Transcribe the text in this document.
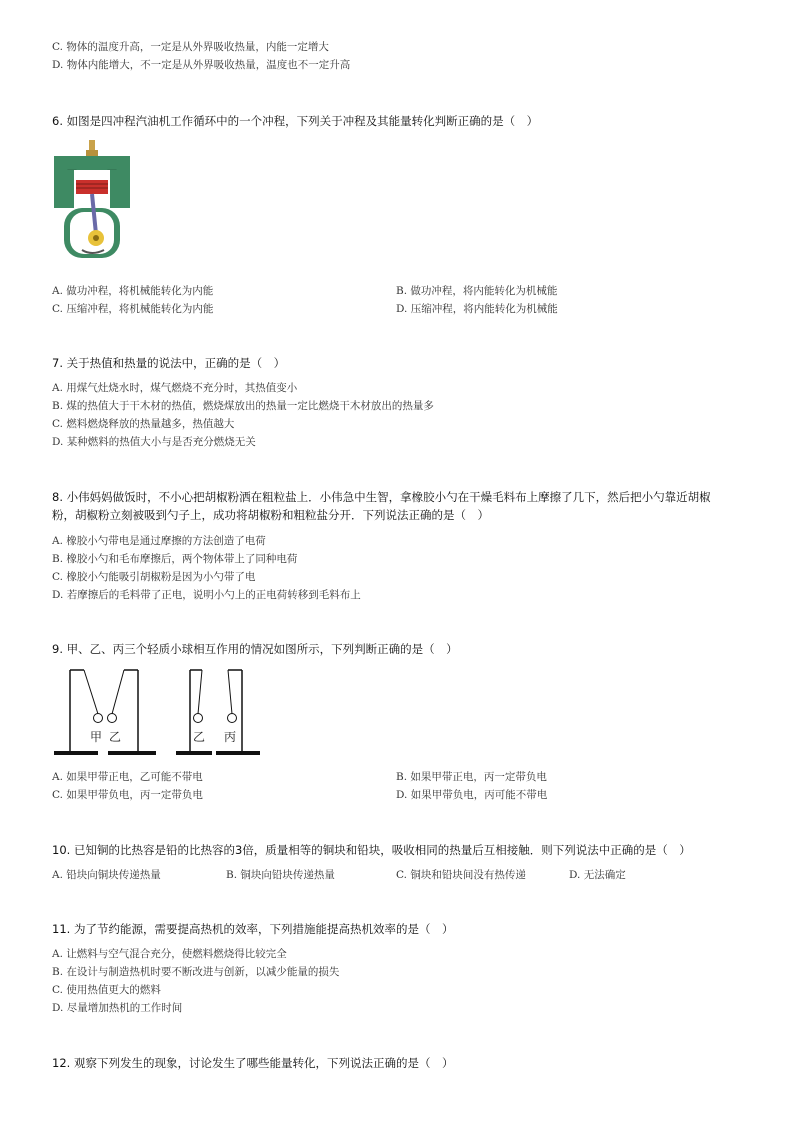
C. 物体的温度升高，一定是从外界吸收热量，内能一定增大
D. 物体内能增大，不一定是从外界吸收热量，温度也不一定升高
6. 如图是四冲程汽油机工作循环中的一个冲程，下列关于冲程及其能量转化判断正确的是（　）
A. 做功冲程，将机械能转化为内能	B. 做功冲程，将内能转化为机械能
C. 压缩冲程，将机械能转化为内能	D. 压缩冲程，将内能转化为机械能
7. 关于热值和热量的说法中，正确的是（　）
A. 用煤气灶烧水时，煤气燃烧不充分时，其热值变小
B. 煤的热值大于干木材的热值，燃烧煤放出的热量一定比燃烧干木材放出的热量多
C. 燃料燃烧释放的热量越多，热值越大
D. 某种燃料的热值大小与是否充分燃烧无关
8. 小伟妈妈做饭时，不小心把胡椒粉洒在粗粒盐上．小伟急中生智，拿橡胶小勺在干燥毛料布上摩擦了几下，然后把小勺靠近胡椒
粉，胡椒粉立刻被吸到勺子上，成功将胡椒粉和粗粒盐分开．下列说法正确的是（　）
A. 橡胶小勺带电是通过摩擦的方法创造了电荷
B. 橡胶小勺和毛布摩擦后，两个物体带上了同种电荷
C. 橡胶小勺能吸引胡椒粉是因为小勺带了电
D. 若摩擦后的毛料带了正电，说明小勺上的正电荷转移到毛料布上
9. 甲、乙、丙三个轻质小球相互作用的情况如图所示，下列判断正确的是（　）
甲 乙	乙 丙
A. 如果甲带正电，乙可能不带电	B. 如果甲带正电，丙一定带负电
C. 如果甲带负电，丙一定带负电	D. 如果甲带负电，丙可能不带电
10. 已知铜的比热容是铅的比热容的3倍，质量相等的铜块和铅块，吸收相同的热量后互相接触．则下列说法中正确的是（　）
A. 铅块向铜块传递热量	B. 铜块向铅块传递热量	C. 铜块和铅块间没有热传递	D. 无法确定
11. 为了节约能源，需要提高热机的效率，下列措施能提高热机效率的是（　）
A. 让燃料与空气混合充分，使燃料燃烧得比较完全
B. 在设计与制造热机时要不断改进与创新，以减少能量的损失
C. 使用热值更大的燃料
D. 尽量增加热机的工作时间
12. 观察下列发生的现象，讨论发生了哪些能量转化，下列说法正确的是（　）
